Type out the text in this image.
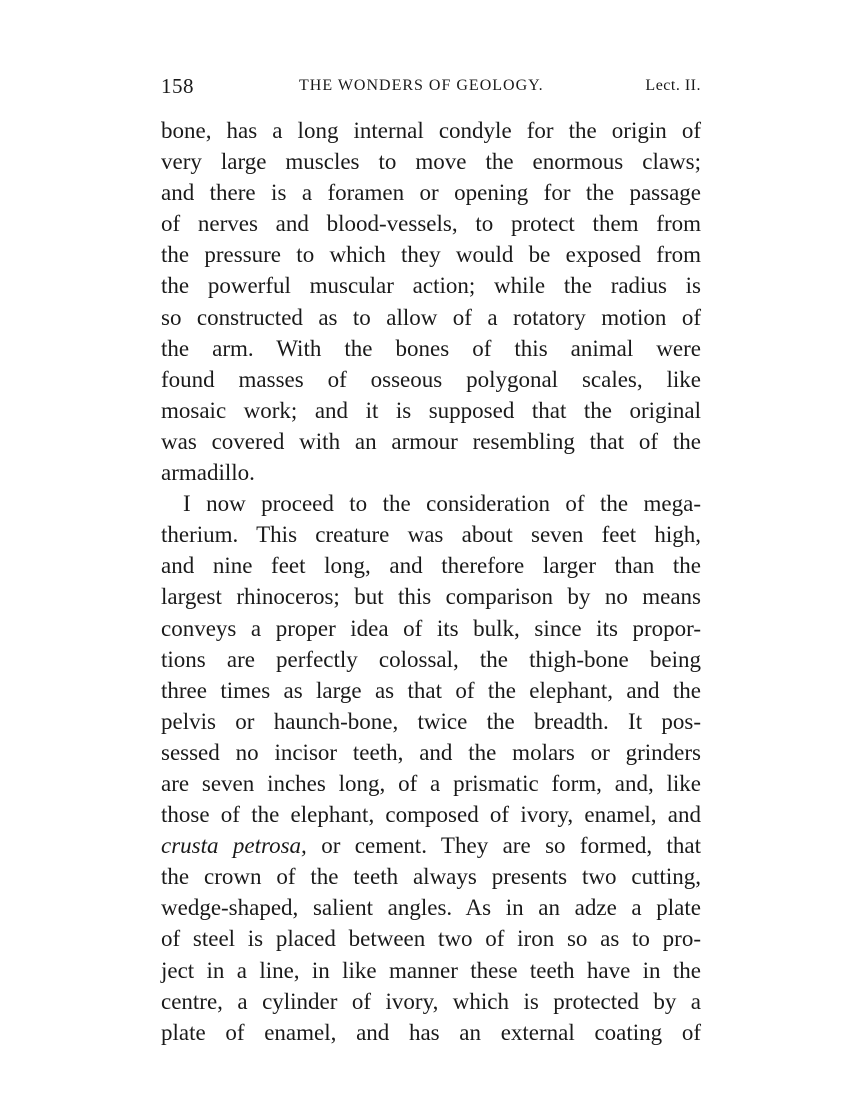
158	THE WONDERS OF GEOLOGY.	Lect. II.
bone, has a long internal condyle for the origin of
very large muscles to move the enormous claws;
and there is a foramen or opening for the passage
of nerves and blood-vessels, to protect them from
the pressure to which they would be exposed from
the powerful muscular action; while the radius is
so constructed as to allow of a rotatory motion of
the arm. With the bones of this animal were
found masses of osseous polygonal scales, like
mosaic work; and it is supposed that the original
was covered with an armour resembling that of the
armadillo.
I now proceed to the consideration of the mega-
therium. This creature was about seven feet high,
and nine feet long, and therefore larger than the
largest rhinoceros; but this comparison by no means
conveys a proper idea of its bulk, since its propor-
tions are perfectly colossal, the thigh-bone being
three times as large as that of the elephant, and the
pelvis or haunch-bone, twice the breadth. It pos-
sessed no incisor teeth, and the molars or grinders
are seven inches long, of a prismatic form, and, like
those of the elephant, composed of ivory, enamel, and
crusta petrosa, or cement. They are so formed, that
the crown of the teeth always presents two cutting,
wedge-shaped, salient angles. As in an adze a plate
of steel is placed between two of iron so as to pro-
ject in a line, in like manner these teeth have in the
centre, a cylinder of ivory, which is protected by a
plate of enamel, and has an external coating of
